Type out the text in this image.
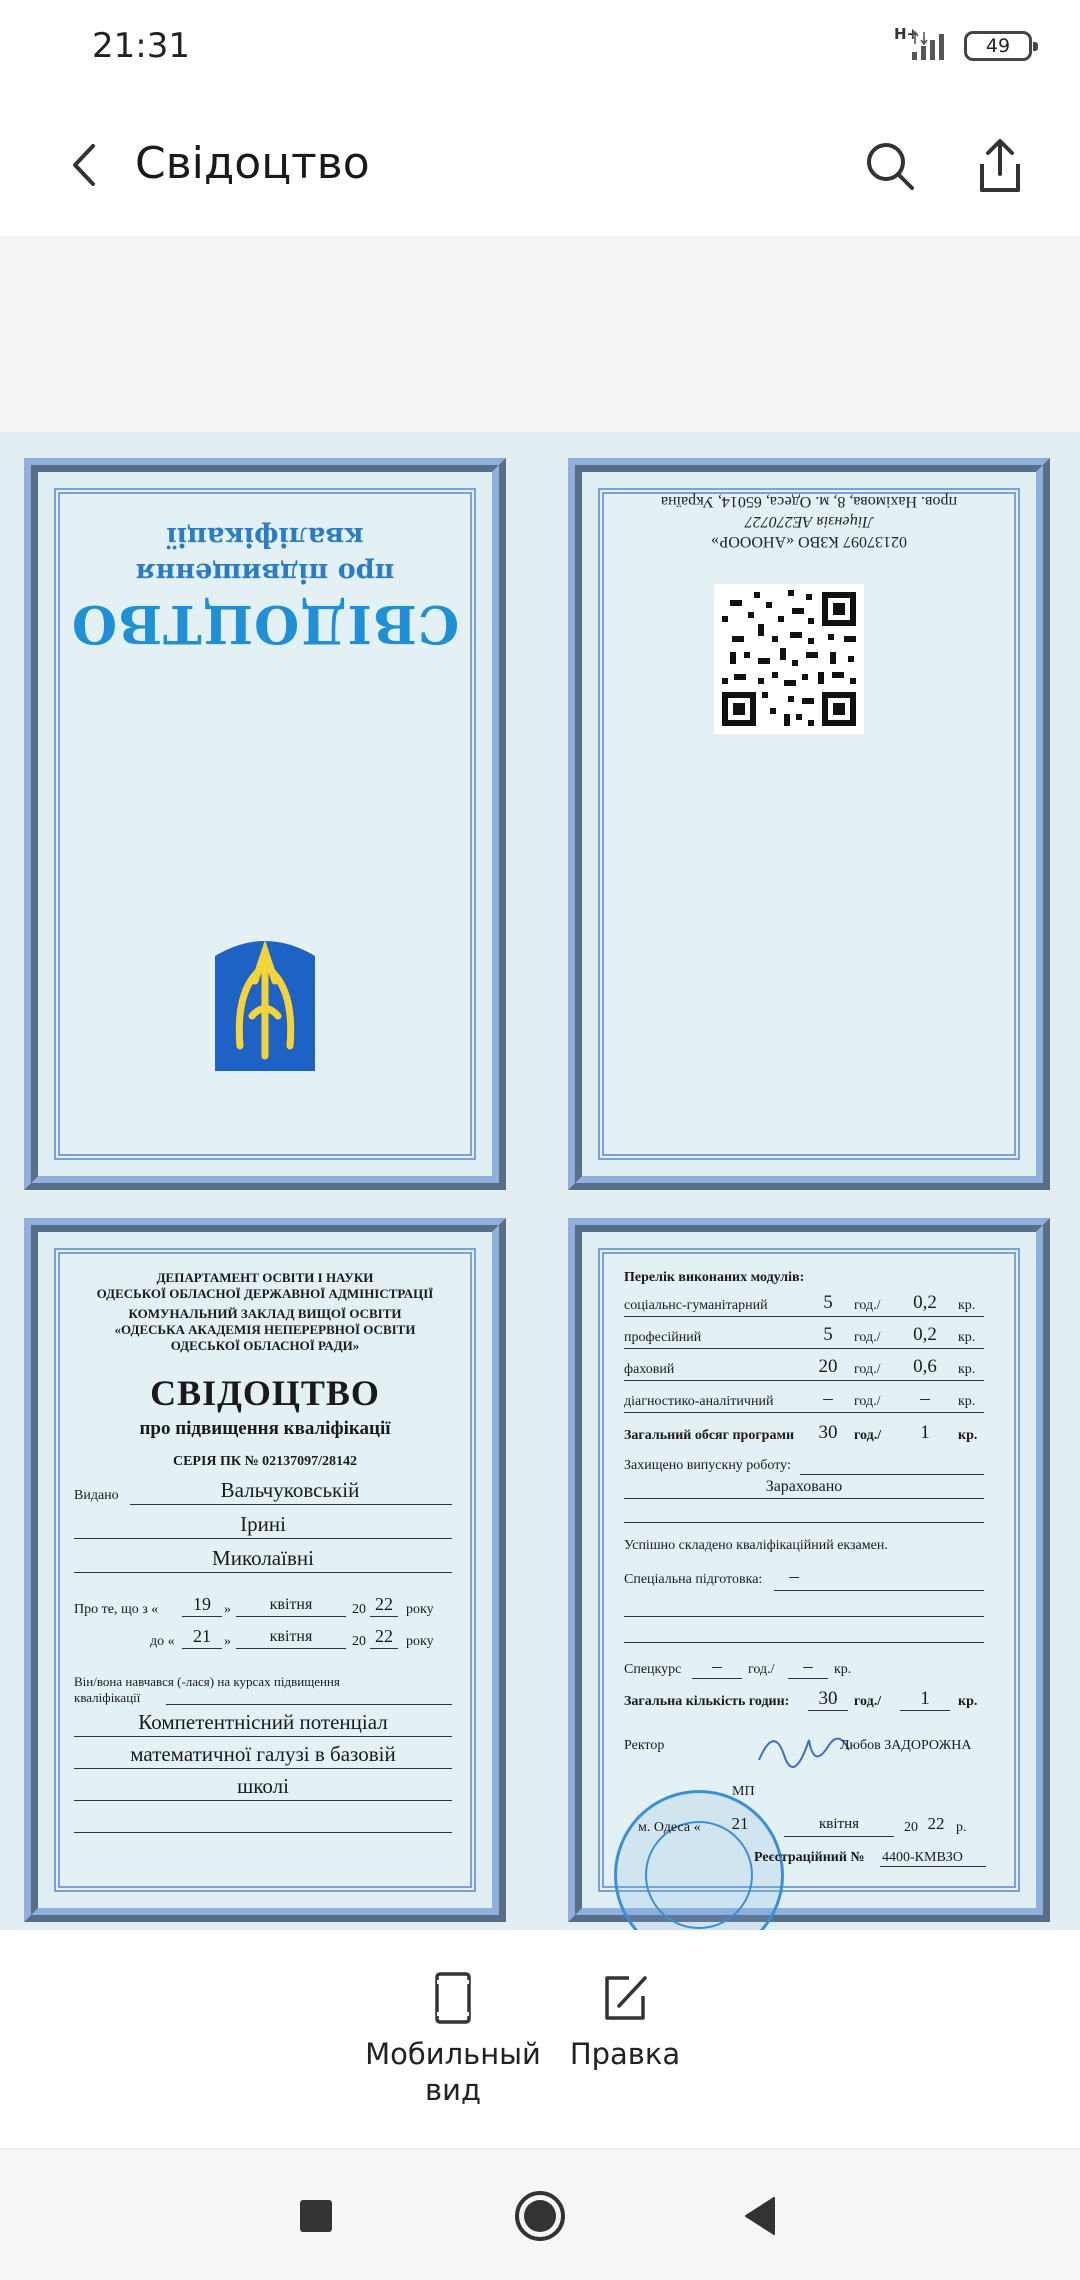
21:31	H+
49
Свідоцтво
СВІДОЦТВО
про підвищення
кваліфікації	02137097 КЗВО «АНООOР»
Ліцензія АЕ270727
пров. Нахімова, 8, м. Одеса, 65014, Україна
ДЕПАРТАМЕНТ ОСВІТИ І НАУКИ
ОДЕСЬКОЇ ОБЛАСНОЇ ДЕРЖАВНОЇ АДМІНІСТРАЦІЇ
КОМУНАЛЬНИЙ ЗАКЛАД ВИЩОЇ ОСВІТИ
«ОДЕСЬКА АКАДЕМІЯ НЕПЕРЕРВНОЇ ОСВІТИ
ОДЕСЬКОЇ ОБЛАСНОЇ РАДИ»
СВІДОЦТВО
про підвищення кваліфікації
СЕРІЯ ПК № 02137097/28142
Видано	Вальчуковській
Ірині
Миколаївні
Про те, що з «	19 »	квітня	20 22 року
до «	21 »	квітня	20 22 року
Він/вона навчався (-лася) на курсах підвищення
кваліфікації
Компетентнісний потенціал
математичної галузі в базовій
школі
Перелік виконаних модулів:
соціальнс-гуманітарний	5	год./	0,2	кр.
професійний	5	год./	0,2	кр.
фаховий	20	год./	0,6	кр.
діагностико-аналітичний	–	год./	–	кр.
Загальний обсяг програми	30	год./	1	кр.
Захищено випускну роботу:
Зараховано
Успішно складено кваліфікаційний екзамен.
Спеціальна підготовка:	–
Спецкурс	–	год./	–	кр.
Загальна кількість годин:	30	год./	1	кр.
Ректор	Любов ЗАДОРОЖНА
МП
м. Одеса «	21	квітня	20 22 р.
Реєстраційний № 4400-КМВЗО
Мобильный
вид
Правка
